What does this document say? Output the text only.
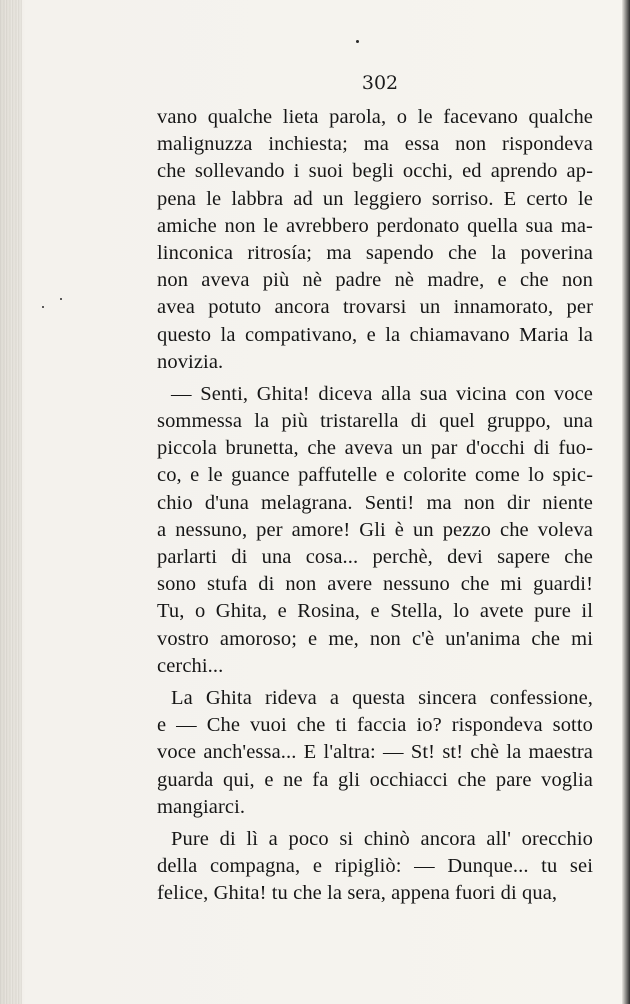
302
vano qualche lieta parola, o le facevano qualche
malignuzza inchiesta; ma essa non rispondeva
che sollevando i suoi begli occhi, ed aprendo ap-
pena le labbra ad un leggiero sorriso. E certo le
amiche non le avrebbero perdonato quella sua ma-
linconica ritrosía; ma sapendo che la poverina
non aveva più nè padre nè madre, e che non
avea potuto ancora trovarsi un innamorato, per
questo la compativano, e la chiamavano Maria la
novizia.
— Senti, Ghita! diceva alla sua vicina con voce
sommessa la più tristarella di quel gruppo, una
piccola brunetta, che aveva un par d'occhi di fuo-
co, e le guance paffutelle e colorite come lo spic-
chio d'una melagrana. Senti! ma non dir niente
a nessuno, per amore! Gli è un pezzo che voleva
parlarti di una cosa... perchè, devi sapere che
sono stufa di non avere nessuno che mi guardi!
Tu, o Ghita, e Rosina, e Stella, lo avete pure il
vostro amoroso; e me, non c'è un'anima che mi
cerchi...
La Ghita rideva a questa sincera confessione,
e — Che vuoi che ti faccia io? rispondeva sotto
voce anch'essa... E l'altra: — St! st! chè la maestra
guarda qui, e ne fa gli occhiacci che pare voglia
mangiarci.
Pure di lì a poco si chinò ancora all' orecchio
della compagna, e ripigliò: — Dunque... tu sei
felice, Ghita! tu che la sera, appena fuori di qua,
